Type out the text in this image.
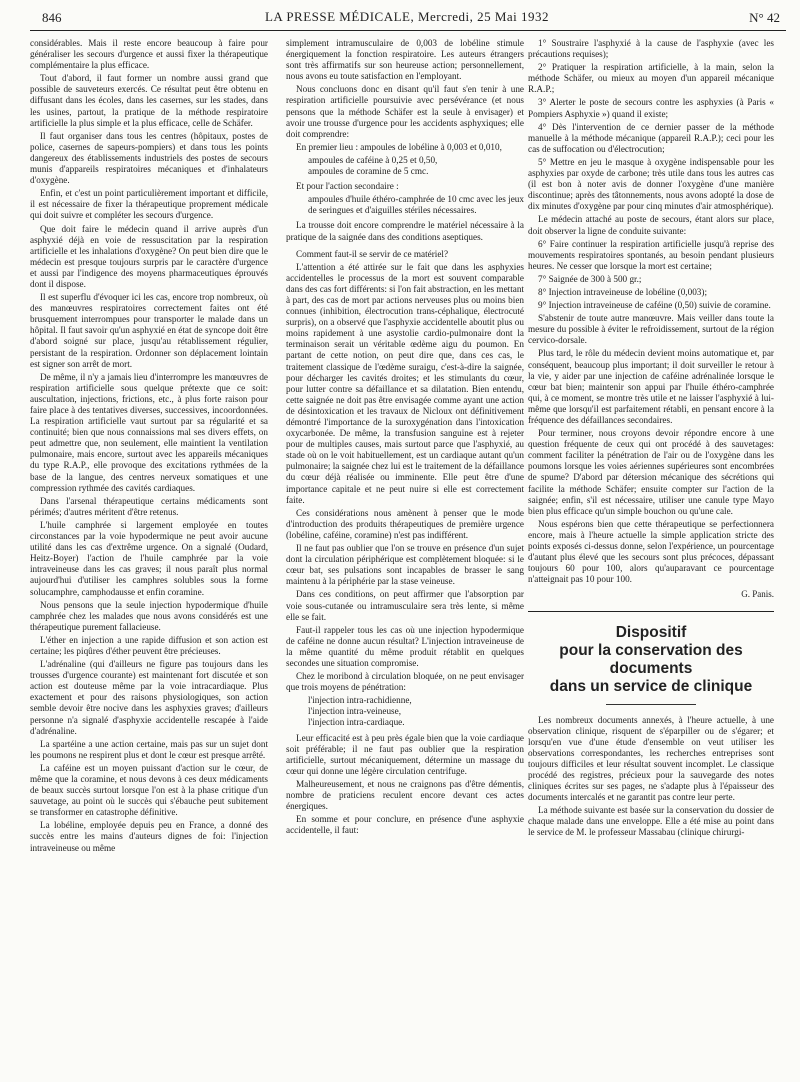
846	LA PRESSE MÉDICALE, Mercredi, 25 Mai 1932	N° 42

considérables. Mais il reste encore beaucoup à faire pour généraliser les secours d'urgence et aussi fixer la thérapeutique complémentaire la plus efficace.

Tout d'abord, il faut former un nombre aussi grand que possible de sauveteurs exercés. Ce résultat peut être obtenu en diffusant dans les écoles, dans les casernes, sur les stades, dans les usines, partout, la pratique de la méthode respiratoire artificielle la plus simple et la plus efficace, celle de Schäfer.

Il faut organiser dans tous les centres (hôpitaux, postes de police, casernes de sapeurs-pompiers) et dans tous les points dangereux des établissements industriels des postes de secours munis d'appareils respiratoires mécaniques et d'inhalateurs d'oxygène.

Enfin, et c'est un point particulièrement important et difficile, il est nécessaire de fixer la thérapeutique proprement médicale qui doit suivre et compléter les secours d'urgence.

Que doit faire le médecin quand il arrive auprès d'un asphyxié déjà en voie de ressuscitation par la respiration artificielle et les inhalations d'oxygène? On peut bien dire que le médecin est presque toujours surpris par le caractère d'urgence et aussi par l'indigence des moyens pharmaceutiques éprouvés dont il dispose.

Il est superflu d'évoquer ici les cas, encore trop nombreux, où des manœuvres respiratoires correctement faites ont été brusquement interrompues pour transporter le malade dans un hôpital. Il faut savoir qu'un asphyxié en état de syncope doit être d'abord soigné sur place, jusqu'au rétablissement régulier, persistant de la respiration. Ordonner son déplacement lointain est signer son arrêt de mort.

De même, il n'y a jamais lieu d'interrompre les manœuvres de respiration artificielle sous quelque prétexte que ce soit: auscultation, injections, frictions, etc., à plus forte raison pour faire place à des tentatives diverses, successives, incoordonnées. La respiration artificielle vaut surtout par sa régularité et sa continuité; bien que nous connaissions mal ses divers effets, on peut admettre que, non seulement, elle maintient la ventilation pulmonaire, mais encore, surtout avec les appareils mécaniques du type R.A.P., elle provoque des excitations rythmées de la base de la langue, des centres nerveux somatiques et une compression rythmée des cavités cardiaques.

Dans l'arsenal thérapeutique certains médicaments sont périmés; d'autres méritent d'être retenus.

L'huile camphrée si largement employée en toutes circonstances par la voie hypodermique ne peut avoir aucune utilité dans les cas d'extrême urgence. On a signalé (Oudard, Heitz-Boyer) l'action de l'huile camphrée par la voie intraveineuse dans les cas graves; il nous paraît plus normal aujourd'hui d'utiliser les camphres solubles sous la forme solucamphre, camphodausse et enfin coramine.

Nous pensons que la seule injection hypodermique d'huile camphrée chez les malades que nous avons considérés est une thérapeutique purement fallacieuse.

L'éther en injection a une rapide diffusion et son action est certaine; les piqûres d'éther peuvent être précieuses.

L'adrénaline (qui d'ailleurs ne figure pas toujours dans les trousses d'urgence courante) est maintenant fort discutée et son action est douteuse même par la voie intracardiaque. Plus exactement et pour des raisons physiologiques, son action semble devoir être nocive dans les asphyxies graves; d'ailleurs personne n'a signalé d'asphyxie accidentelle rescapée à l'aide d'adrénaline.

La spartéine a une action certaine, mais pas sur un sujet dont les poumons ne respirent plus et dont le cœur est presque arrêté.

La caféine est un moyen puissant d'action sur le cœur, de même que la coramine, et nous devons à ces deux médicaments de beaux succès surtout lorsque l'on est à la phase critique d'un sauvetage, au point où le succès qui s'ébauche peut subitement se transformer en catastrophe définitive.

La lobéline, employée depuis peu en France, a donné des succès entre les mains d'auteurs dignes de foi: l'injection intraveineuse ou même

simplement intramusculaire de 0,003 de lobéline stimule énergiquement la fonction respiratoire. Les auteurs étrangers sont très affirmatifs sur son heureuse action; personnellement, nous avons eu toute satisfaction en l'employant.

Nous concluons donc en disant qu'il faut s'en tenir à une respiration artificielle poursuivie avec persévérance (et nous pensons que la méthode Schäfer est la seule à envisager) et avoir une trousse d'urgence pour les accidents asphyxiques; elle doit comprendre:

En premier lieu : ampoules de lobéline à 0,003 et 0,010,

ampoules de caféine à 0,25 et 0,50,

ampoules de coramine de 5 cmc.

Et pour l'action secondaire :

ampoules d'huile éthéro-camphrée de 10 cmc avec les jeux de seringues et d'aiguilles stériles nécessaires.

La trousse doit encore comprendre le matériel nécessaire à la pratique de la saignée dans des conditions aseptiques.

Comment faut-il se servir de ce matériel?

L'attention a été attirée sur le fait que dans les asphyxies accidentelles le processus de la mort est souvent comparable dans des cas fort différents: si l'on fait abstraction, en les mettant à part, des cas de mort par actions nerveuses plus ou moins bien connues (inhibition, électrocution trans-céphalique, électrocuté surpris), on a observé que l'asphyxie accidentelle aboutit plus ou moins rapidement à une asystolie cardio-pulmonaire dont la terminaison serait un véritable œdème aigu du poumon. En partant de cette notion, on peut dire que, dans ces cas, le traitement classique de l'œdème suraigu, c'est-à-dire la saignée, pour décharger les cavités droites; et les stimulants du cœur, pour lutter contre sa défaillance et sa dilatation. Bien entendu, cette saignée ne doit pas être envisagée comme ayant une action de désintoxication et les travaux de Nicloux ont définitivement démontré l'importance de la suroxygénation dans l'intoxication oxycarbonée. De même, la transfusion sanguine est à rejeter pour de multiples causes, mais surtout parce que l'asphyxié, au stade où on le voit habituellement, est un cardiaque autant qu'un pulmonaire; la saignée chez lui est le traitement de la défaillance du cœur déjà réalisée ou imminente. Elle peut être d'une importance capitale et ne peut nuire si elle est correctement faite.

Ces considérations nous amènent à penser que le mode d'introduction des produits thérapeutiques de première urgence (lobéline, caféine, coramine) n'est pas indifférent.

Il ne faut pas oublier que l'on se trouve en présence d'un sujet dont la circulation périphérique est complètement bloquée: si le cœur bat, ses pulsations sont incapables de brasser le sang maintenu à la périphérie par la stase veineuse.

Dans ces conditions, on peut affirmer que l'absorption par voie sous-cutanée ou intramusculaire sera très lente, si même elle se fait.

Faut-il rappeler tous les cas où une injection hypodermique de caféine ne donne aucun résultat? L'injection intraveineuse de la même quantité du même produit rétablit en quelques secondes une situation compromise.

Chez le moribond à circulation bloquée, on ne peut envisager que trois moyens de pénétration:

l'injection intra-rachidienne,

l'injection intra-veineuse,

l'injection intra-cardiaque.

Leur efficacité est à peu près égale bien que la voie cardiaque soit préférable; il ne faut pas oublier que la respiration artificielle, surtout mécaniquement, détermine un massage du cœur qui donne une légère circulation centrifuge.

Malheureusement, et nous ne craignons pas d'être démentis, nombre de praticiens reculent encore devant ces actes énergiques.

En somme et pour conclure, en présence d'une asphyxie accidentelle, il faut:

1° Soustraire l'asphyxié à la cause de l'asphyxie (avec les précautions requises);

2° Pratiquer la respiration artificielle, à la main, selon la méthode Schäfer, ou mieux au moyen d'un appareil mécanique R.A.P.;

3° Alerter le poste de secours contre les asphyxies (à Paris « Pompiers Asphyxie ») quand il existe;

4° Dès l'intervention de ce dernier passer de la méthode manuelle à la méthode mécanique (appareil R.A.P.); ceci pour les cas de suffocation ou d'électrocution;

5° Mettre en jeu le masque à oxygène indispensable pour les asphyxies par oxyde de carbone; très utile dans tous les autres cas (il est bon à noter avis de donner l'oxygène d'une manière discontinue; après des tâtonnements, nous avons adopté la dose de dix minutes d'oxygène par pour cinq minutes d'air atmosphérique).

Le médecin attaché au poste de secours, étant alors sur place, doit observer la ligne de conduite suivante:

6° Faire continuer la respiration artificielle jusqu'à reprise des mouvements respiratoires spontanés, au besoin pendant plusieurs heures. Ne cesser que lorsque la mort est certaine;

7° Saignée de 300 à 500 gr.;

8° Injection intraveineuse de lobéline (0,003);

9° Injection intraveineuse de caféine (0,50) suivie de coramine.

S'abstenir de toute autre manœuvre. Mais veiller dans toute la mesure du possible à éviter le refroidissement, surtout de la région cervico-dorsale.

Plus tard, le rôle du médecin devient moins automatique et, par conséquent, beaucoup plus important; il doit surveiller le retour à la vie, y aider par une injection de caféine adrénalinée lorsque le cœur bat bien; maintenir son appui par l'huile éthéro-camphrée qui, à ce moment, se montre très utile et ne laisser l'asphyxié à lui-même que lorsqu'il est parfaitement rétabli, en pensant encore à la fréquence des défaillances secondaires.

Pour terminer, nous croyons devoir répondre encore à une question fréquente de ceux qui ont procédé à des sauvetages: comment faciliter la pénétration de l'air ou de l'oxygène dans les poumons lorsque les voies aériennes supérieures sont encombrées de spume? D'abord par détersion mécanique des sécrétions qui facilite la méthode Schäfer; ensuite compter sur l'action de la saignée; enfin, s'il est nécessaire, utiliser une canule type Mayo bien plus efficace qu'un simple bouchon ou qu'une cale.

Nous espérons bien que cette thérapeutique se perfectionnera encore, mais à l'heure actuelle la simple application stricte des points exposés ci-dessus donne, selon l'expérience, un pourcentage d'autant plus élevé que les secours sont plus précoces, dépassant toujours 60 pour 100, alors qu'auparavant ce pourcentage n'atteignait pas 10 pour 100.

G. Panis.
Dispositif
pour la conservation des documents
dans un service de clinique

Les nombreux documents annexés, à l'heure actuelle, à une observation clinique, risquent de s'éparpiller ou de s'égarer; et lorsqu'en vue d'une étude d'ensemble on veut utiliser les observations correspondantes, les recherches entreprises sont toujours difficiles et leur résultat souvent incomplet. Le classique procédé des registres, précieux pour la sauvegarde des notes cliniques écrites sur ses pages, ne s'adapte plus à l'épaisseur des documents intercalés et ne garantit pas contre leur perte.

La méthode suivante est basée sur la conservation du dossier de chaque malade dans une enveloppe. Elle a été mise au point dans le service de M. le professeur Massabau (clinique chirurgi-
